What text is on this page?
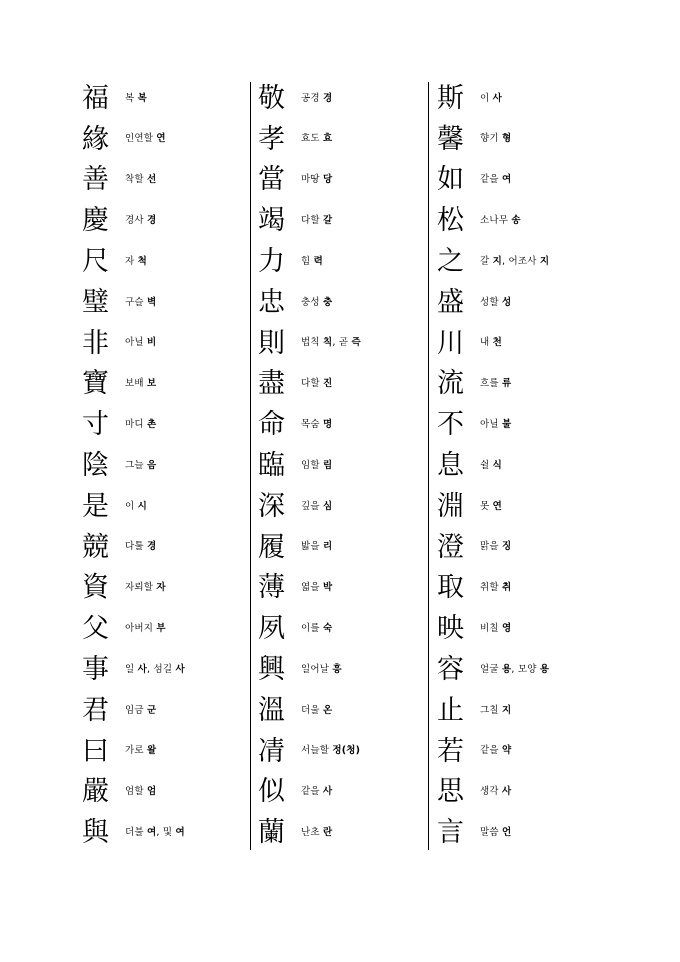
福	복 복
緣	인연할 연
善	착할 선
慶	경사 경
尺	자 척
璧	구슬 벽
非	아닐 비
寶	보배 보
寸	마디 촌
陰	그늘 음
是	이 시
競	다툴 경
資	자뢰할 자
父	아버지 부
事	일 사, 섬길 사
君	임금 군
曰	가로 왈
嚴	엄할 엄
與	더불 여, 및 여
敬	공경 경
孝	효도 효
當	마땅 당
竭	다할 갈
力	힘 력
忠	충성 충
則	법칙 칙, 곧 즉
盡	다할 진
命	목숨 명
臨	임할 림
深	깊을 심
履	밟을 리
薄	엷을 박
夙	이를 숙
興	일어날 흥
溫	더울 온
凊	서늘할 정(청)
似	같을 사
蘭	난초 란
斯	이 사
馨	향기 형
如	같을 여
松	소나무 송
之	갈 지, 어조사 지
盛	성할 성
川	내 천
流	흐를 류
不	아닐 불
息	쉴 식
淵	못 연
澄	맑을 징
取	취할 취
映	비칠 영
容	얼굴 용, 모양 용
止	그칠 지
若	같을 약
思	생각 사
言	말씀 언
